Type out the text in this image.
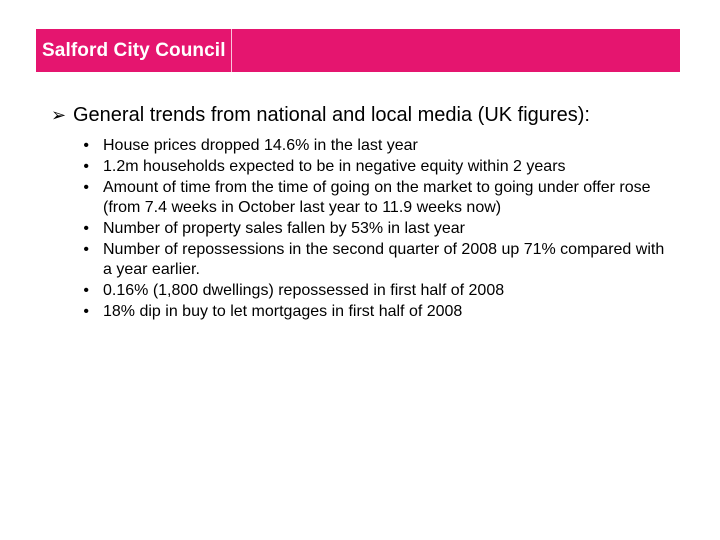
Salford City Council
➢ General trends from national and local media (UK figures):
• House prices dropped 14.6% in the last year
• 1.2m households expected to be in negative equity within 2 years
• Amount of time from the time of going on the market to going under offer rose (from 7.4 weeks in October last year to 11.9 weeks now)
• Number of property sales fallen by 53% in last year
• Number of repossessions in the second quarter of 2008 up 71% compared with a year earlier.
• 0.16% (1,800 dwellings) repossessed in first half of 2008
• 18% dip in buy to let mortgages in first half of 2008
